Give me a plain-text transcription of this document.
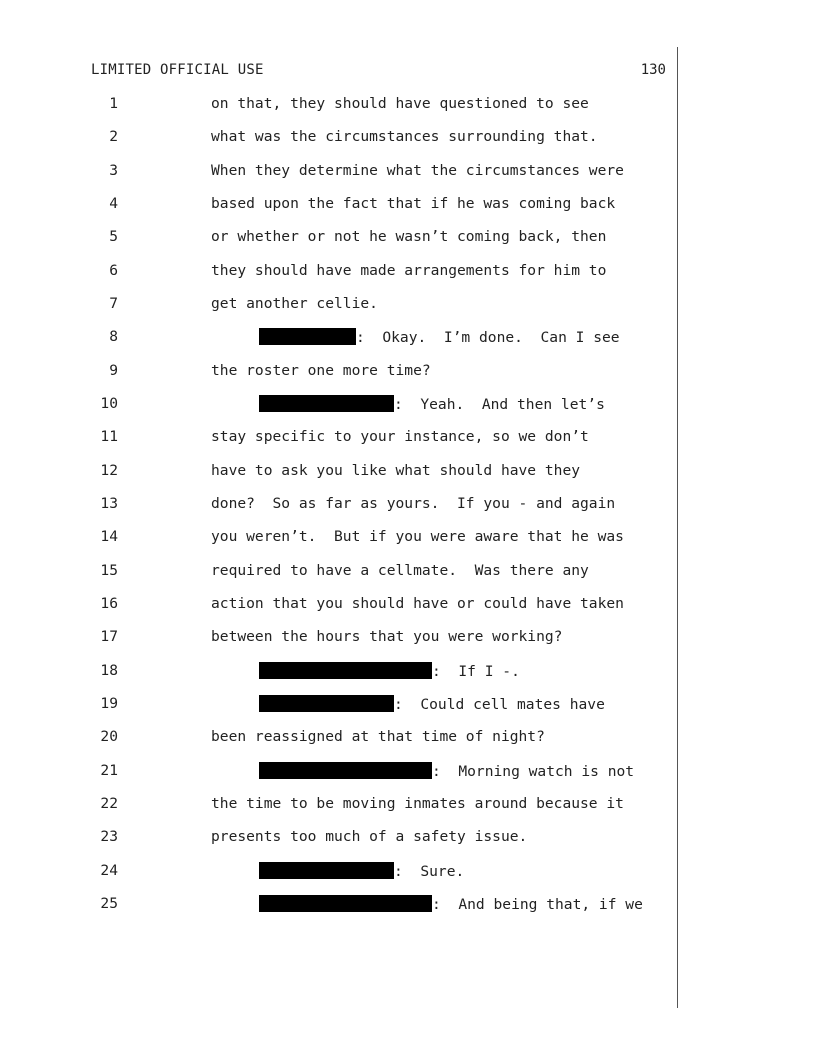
LIMITED OFFICIAL USE	130
1	on that, they should have questioned to see
2	what was the circumstances surrounding that.
3	When they determine what the circumstances were
4	based upon the fact that if he was coming back
5	or whether or not he wasn’t coming back, then
6	they should have made arrangements for him to
7	get another cellie.
8	:  Okay.  I’m done.  Can I see
9	the roster one more time?
10	:  Yeah.  And then let’s
11	stay specific to your instance, so we don’t
12	have to ask you like what should have they
13	done?  So as far as yours.  If you - and again
14	you weren’t.  But if you were aware that he was
15	required to have a cellmate.  Was there any
16	action that you should have or could have taken
17	between the hours that you were working?
18	:  If I -.
19	:  Could cell mates have
20	been reassigned at that time of night?
21	:  Morning watch is not
22	the time to be moving inmates around because it
23	presents too much of a safety issue.
24	:  Sure.
25	:  And being that, if we
